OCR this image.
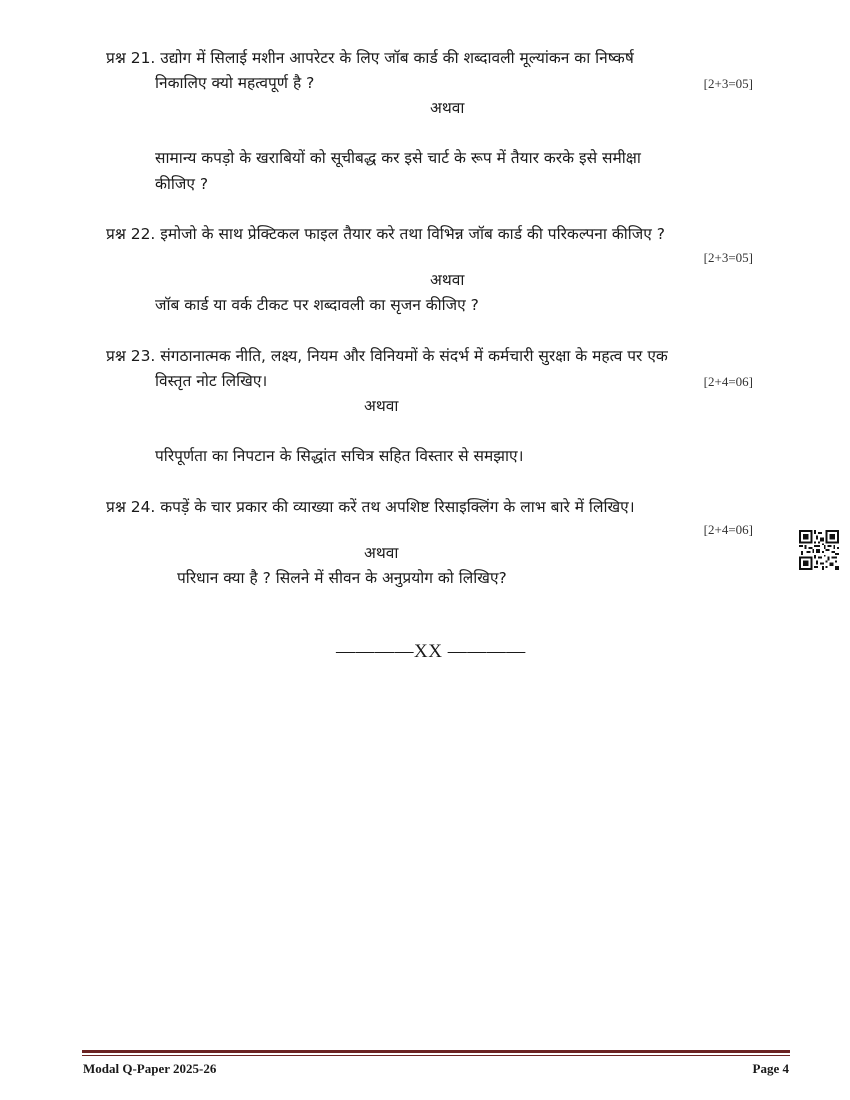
प्रश्न 21. उद्योग में सिलाई मशीन आपरेटर के लिए जॉब कार्ड की शब्दावली मूल्यांकन का निष्कर्ष
निकालिए क्यो महत्वपूर्ण है ?	[2+3=05]
अथवा
सामान्य कपड़ो के खराबियों को सूचीबद्ध कर इसे चार्ट के रूप में तैयार करके इसे समीक्षा
कीजिए ?
प्रश्न 22. इमोजो के साथ प्रेक्टिकल फाइल तैयार करे तथा विभिन्न जॉब कार्ड की परिकल्पना कीजिए ?
[2+3=05]
अथवा
जॉब कार्ड या वर्क टीकट पर शब्दावली का सृजन कीजिए ?
प्रश्न 23. संगठानात्मक नीति, लक्ष्य, नियम और विनियमों के संदर्भ में कर्मचारी सुरक्षा के महत्व पर एक
विस्तृत नोट लिखिए।	[2+4=06]
अथवा
परिपूर्णता का निपटान के सिद्धांत सचित्र सहित विस्तार से समझाए।
प्रश्न 24. कपड़ें के चार प्रकार की व्याख्या करें तथ अपशिष्ट रिसाइक्लिंग के लाभ बारे में लिखिए।
[2+4=06]
अथवा
परिधान क्या है ? सिलने में सीवन के अनुप्रयोग को लिखिए?
————XX ————
Modal Q-Paper 2025-26	Page 4
